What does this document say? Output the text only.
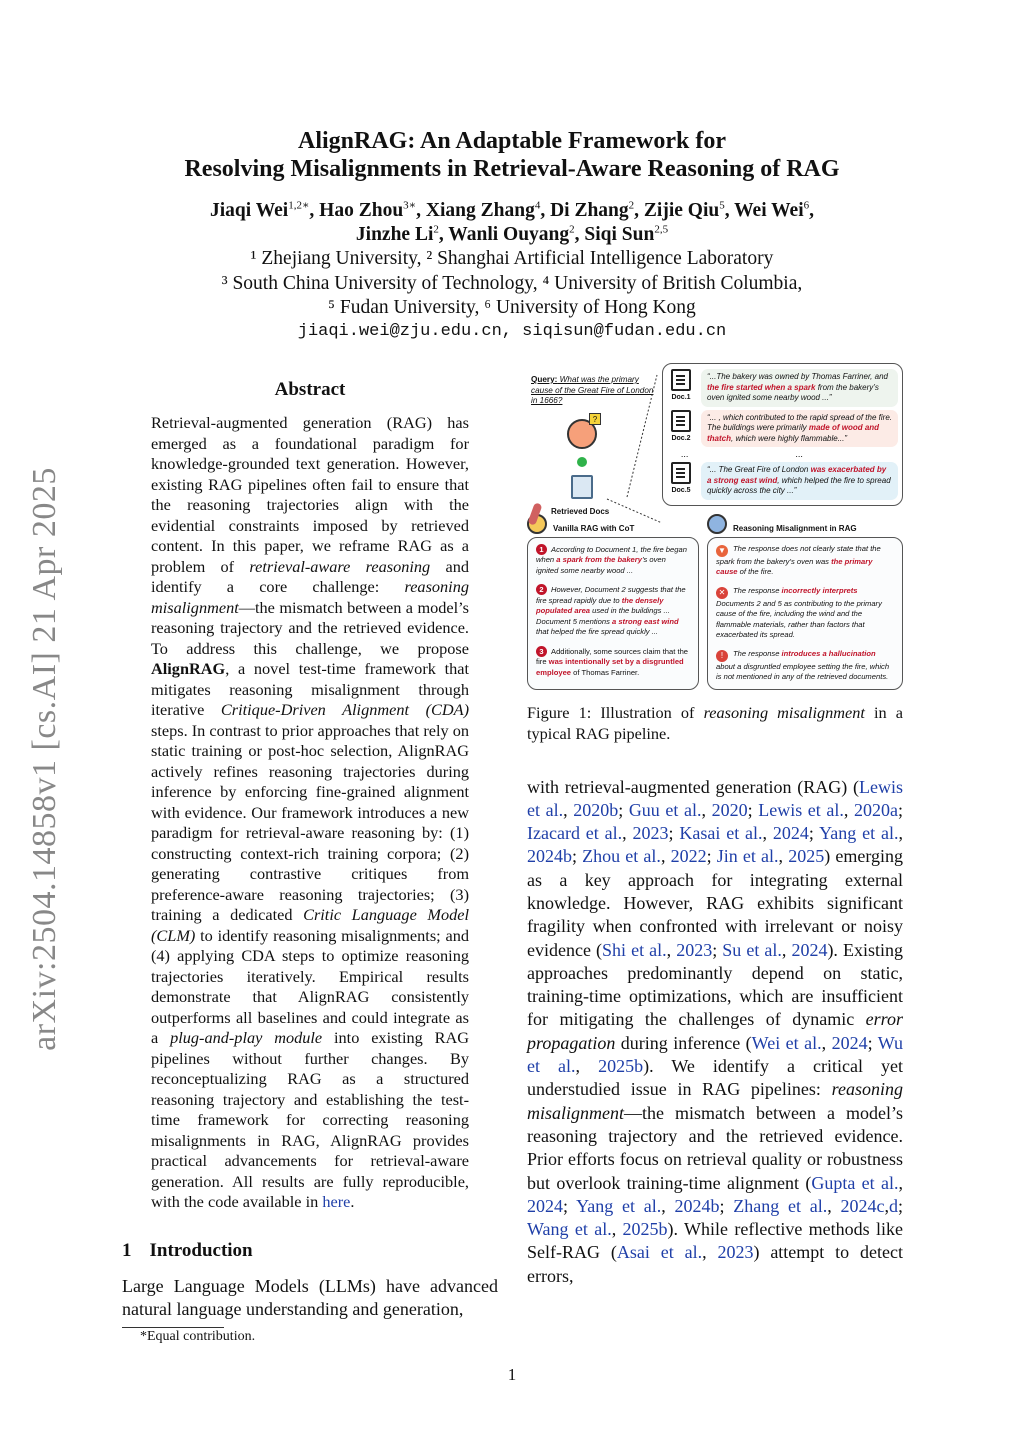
arXiv:2504.14858v1 [cs.AI] 21 Apr 2025
AlignRAG: An Adaptable Framework for
Resolving Misalignments in Retrieval-Aware Reasoning of RAG
Jiaqi Wei$^{1,2∗}$, Hao Zhou$^{3∗}$, Xiang Zhang$^4$, Di Zhang$^2$, Zijie Qiu$^5$, Wei Wei$^6$,
Jinzhe Li$^2$, Wanli Ouyang$^2$, Siqi Sun$^{2,5}$
¹ Zhejiang University, ² Shanghai Artificial Intelligence Laboratory
³ South China University of Technology, ⁴ University of British Columbia,
⁵ Fudan University, ⁶ University of Hong Kong
jiaqi.wei@zju.edu.cn, siqisun@fudan.edu.cn
Abstract
Retrieval-augmented generation (RAG) has emerged as a foundational paradigm for knowledge-grounded text generation. However, existing RAG pipelines often fail to ensure that the reasoning trajectories align with the evidential constraints imposed by retrieved content. In this paper, we reframe RAG as a problem of retrieval-aware reasoning and identify a core challenge: reasoning misalignment—the mismatch between a model’s reasoning trajectory and the retrieved evidence. To address this challenge, we propose AlignRAG, a novel test-time framework that mitigates reasoning misalignment through iterative Critique-Driven Alignment (CDA) steps. In contrast to prior approaches that rely on static training or post-hoc selection, AlignRAG actively refines reasoning trajectories during inference by enforcing fine-grained alignment with evidence. Our framework introduces a new paradigm for retrieval-aware reasoning by: (1) constructing context-rich training corpora; (2) generating contrastive critiques from preference-aware reasoning trajectories; (3) training a dedicated Critic Language Model (CLM) to identify reasoning misalignments; and (4) applying CDA steps to optimize reasoning trajectories iteratively. Empirical results demonstrate that AlignRAG consistently outperforms all baselines and could integrate as a plug-and-play module into existing RAG pipelines without further changes. By reconceptualizing RAG as a structured reasoning trajectory and establishing the test-time framework for correcting reasoning misalignments in RAG, AlignRAG provides practical advancements for retrieval-aware generation. All results are fully reproducible, with the code available in here.
1 Introduction
Large Language Models (LLMs) have advanced natural language understanding and generation,
*Equal contribution.
Query: What was the primary cause of the Great Fire of London in 1666?
?
Retrieved Docs
Doc.1
“...The bakery was owned by Thomas Farriner, and the fire started when a spark from the bakery’s oven ignited some nearby wood ...”
Doc.2
“... , which contributed to the rapid spread of the fire. The buildings were primarily made of wood and thatch, which were highly flammable...”
...	...
Doc.5
“... The Great Fire of London was exacerbated by a strong east wind, which helped the fire to spread quickly across the city ...”
Vanilla RAG with CoT
1 According to Document 1, the fire began when a spark from the bakery’s oven ignited some nearby wood ...
2 However, Document 2 suggests that the fire spread rapidly due to the densely populated area used in the buildings ... Document 5 mentions a strong east wind that helped the fire spread quickly ...
3 Additionally, some sources claim that the fire was intentionally set by a disgruntled employee of Thomas Farriner.
Reasoning Misalignment in RAG
▼ The response does not clearly state that the spark from the bakery’s oven was the primary cause of the fire.
✕ The response incorrectly interprets Documents 2 and 5 as contributing to the primary cause of the fire, including the wind and the flammable materials, rather than factors that exacerbated its spread.
! The response introduces a hallucination about a disgruntled employee setting the fire, which is not mentioned in any of the retrieved documents.
Figure 1: Illustration of reasoning misalignment in a typical RAG pipeline.
with retrieval-augmented generation (RAG) (Lewis et al., 2020b; Guu et al., 2020; Lewis et al., 2020a; Izacard et al., 2023; Kasai et al., 2024; Yang et al., 2024b; Zhou et al., 2022; Jin et al., 2025) emerging as a key approach for integrating external knowledge. However, RAG exhibits significant fragility when confronted with irrelevant or noisy evidence (Shi et al., 2023; Su et al., 2024). Existing approaches predominantly depend on static, training-time optimizations, which are insufficient for mitigating the challenges of dynamic error propagation during inference (Wei et al., 2024; Wu et al., 2025b). We identify a critical yet understudied issue in RAG pipelines: reasoning misalignment—the mismatch between a model’s reasoning trajectory and the retrieved evidence. Prior efforts focus on retrieval quality or robustness but overlook training-time alignment (Gupta et al., 2024; Yang et al., 2024b; Zhang et al., 2024c,d; Wang et al., 2025b). While reflective methods like Self-RAG (Asai et al., 2023) attempt to detect errors,
1
